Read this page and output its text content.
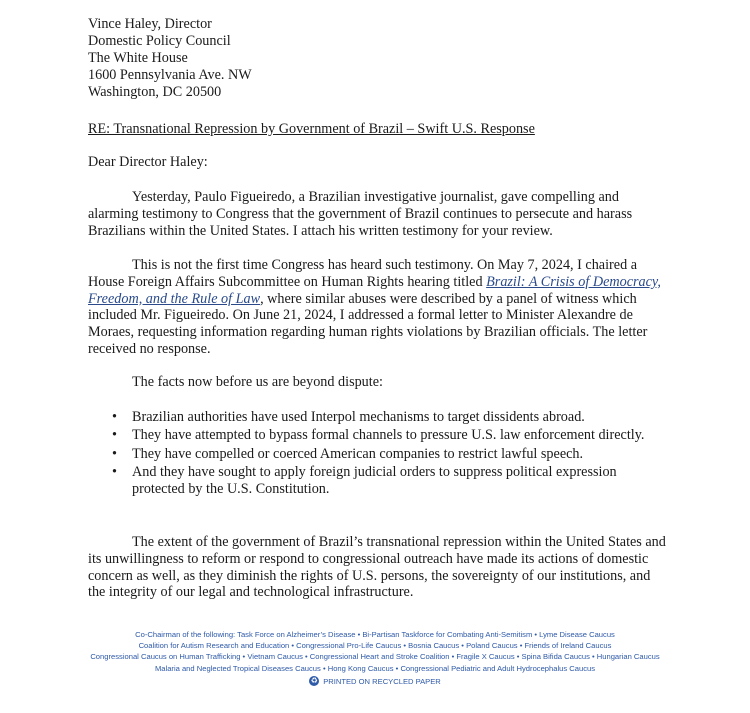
Vince Haley, Director
Domestic Policy Council
The White House
1600 Pennsylvania Ave. NW
Washington, DC 20500
RE: Transnational Repression by Government of Brazil – Swift U.S. Response
Dear Director Haley:

Yesterday, Paulo Figueiredo, a Brazilian investigative journalist, gave compelling and alarming testimony to Congress that the government of Brazil continues to persecute and harass Brazilians within the United States. I attach his written testimony for your review.

This is not the first time Congress has heard such testimony. On May 7, 2024, I chaired a House Foreign Affairs Subcommittee on Human Rights hearing titled Brazil: A Crisis of Democracy, Freedom, and the Rule of Law, where similar abuses were described by a panel of witness which included Mr. Figueiredo. On June 21, 2024, I addressed a formal letter to Minister Alexandre de Moraes, requesting information regarding human rights violations by Brazilian officials. The letter received no response.

The facts now before us are beyond dispute:
• Brazilian authorities have used Interpol mechanisms to target dissidents abroad.
• They have attempted to bypass formal channels to pressure U.S. law enforcement directly.
• They have compelled or coerced American companies to restrict lawful speech.
• And they have sought to apply foreign judicial orders to suppress political expression protected by the U.S. Constitution.

The extent of the government of Brazil’s transnational repression within the United States and its unwillingness to reform or respond to congressional outreach have made its actions of domestic concern as well, as they diminish the rights of U.S. persons, the sovereignty of our institutions, and the integrity of our legal and technological infrastructure.

Co-Chairman of the following: Task Force on Alzheimer’s Disease • Bi-Partisan Taskforce for Combating Anti-Semitism • Lyme Disease Caucus
Coalition for Autism Research and Education • Congressional Pro-Life Caucus • Bosnia Caucus • Poland Caucus • Friends of Ireland Caucus
Congressional Caucus on Human Trafficking • Vietnam Caucus • Congressional Heart and Stroke Coalition • Fragile X Caucus • Spina Bifida Caucus • Hungarian Caucus
Malaria and Neglected Tropical Diseases Caucus • Hong Kong Caucus • Congressional Pediatric and Adult Hydrocephalus Caucus
♻ PRINTED ON RECYCLED PAPER
